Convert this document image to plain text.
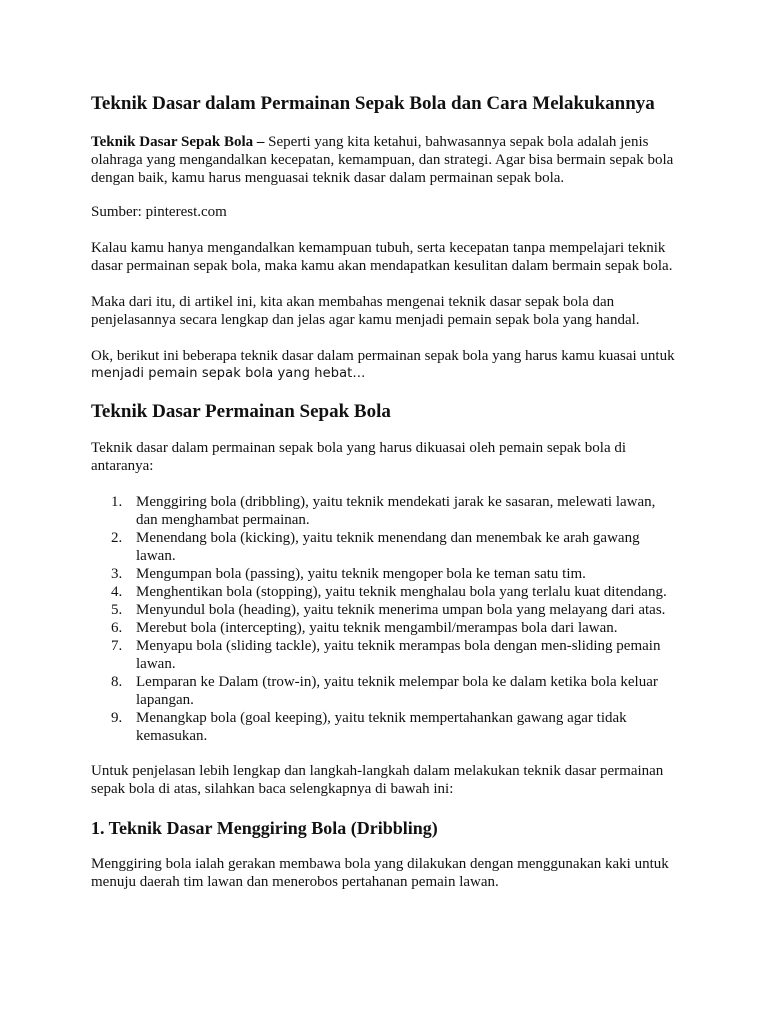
Teknik Dasar dalam Permainan Sepak Bola dan Cara Melakukannya

Teknik Dasar Sepak Bola – Seperti yang kita ketahui, bahwasannya sepak bola adalah jenis
olahraga yang mengandalkan kecepatan, kemampuan, dan strategi. Agar bisa bermain sepak bola
dengan baik, kamu harus menguasai teknik dasar dalam permainan sepak bola.

Sumber: pinterest.com

Kalau kamu hanya mengandalkan kemampuan tubuh, serta kecepatan tanpa mempelajari teknik
dasar permainan sepak bola, maka kamu akan mendapatkan kesulitan dalam bermain sepak bola.

Maka dari itu, di artikel ini, kita akan membahas mengenai teknik dasar sepak bola dan
penjelasannya secara lengkap dan jelas agar kamu menjadi pemain sepak bola yang handal.

Ok, berikut ini beberapa teknik dasar dalam permainan sepak bola yang harus kamu kuasai untuk
menjadi pemain sepak bola yang hebat…

Teknik Dasar Permainan Sepak Bola

Teknik dasar dalam permainan sepak bola yang harus dikuasai oleh pemain sepak bola di
antaranya:

1. Menggiring bola (dribbling), yaitu teknik mendekati jarak ke sasaran, melewati lawan,
dan menghambat permainan.
2. Menendang bola (kicking), yaitu teknik menendang dan menembak ke arah gawang
lawan.
3. Mengumpan bola (passing), yaitu teknik mengoper bola ke teman satu tim.
4. Menghentikan bola (stopping), yaitu teknik menghalau bola yang terlalu kuat ditendang.
5. Menyundul bola (heading), yaitu teknik menerima umpan bola yang melayang dari atas.
6. Merebut bola (intercepting), yaitu teknik mengambil/merampas bola dari lawan.
7. Menyapu bola (sliding tackle), yaitu teknik merampas bola dengan men-sliding pemain
lawan.
8. Lemparan ke Dalam (trow-in), yaitu teknik melempar bola ke dalam ketika bola keluar
lapangan.
9. Menangkap bola (goal keeping), yaitu teknik mempertahankan gawang agar tidak
kemasukan.

Untuk penjelasan lebih lengkap dan langkah-langkah dalam melakukan teknik dasar permainan
sepak bola di atas, silahkan baca selengkapnya di bawah ini:

1. Teknik Dasar Menggiring Bola (Dribbling)

Menggiring bola ialah gerakan membawa bola yang dilakukan dengan menggunakan kaki untuk
menuju daerah tim lawan dan menerobos pertahanan pemain lawan.
